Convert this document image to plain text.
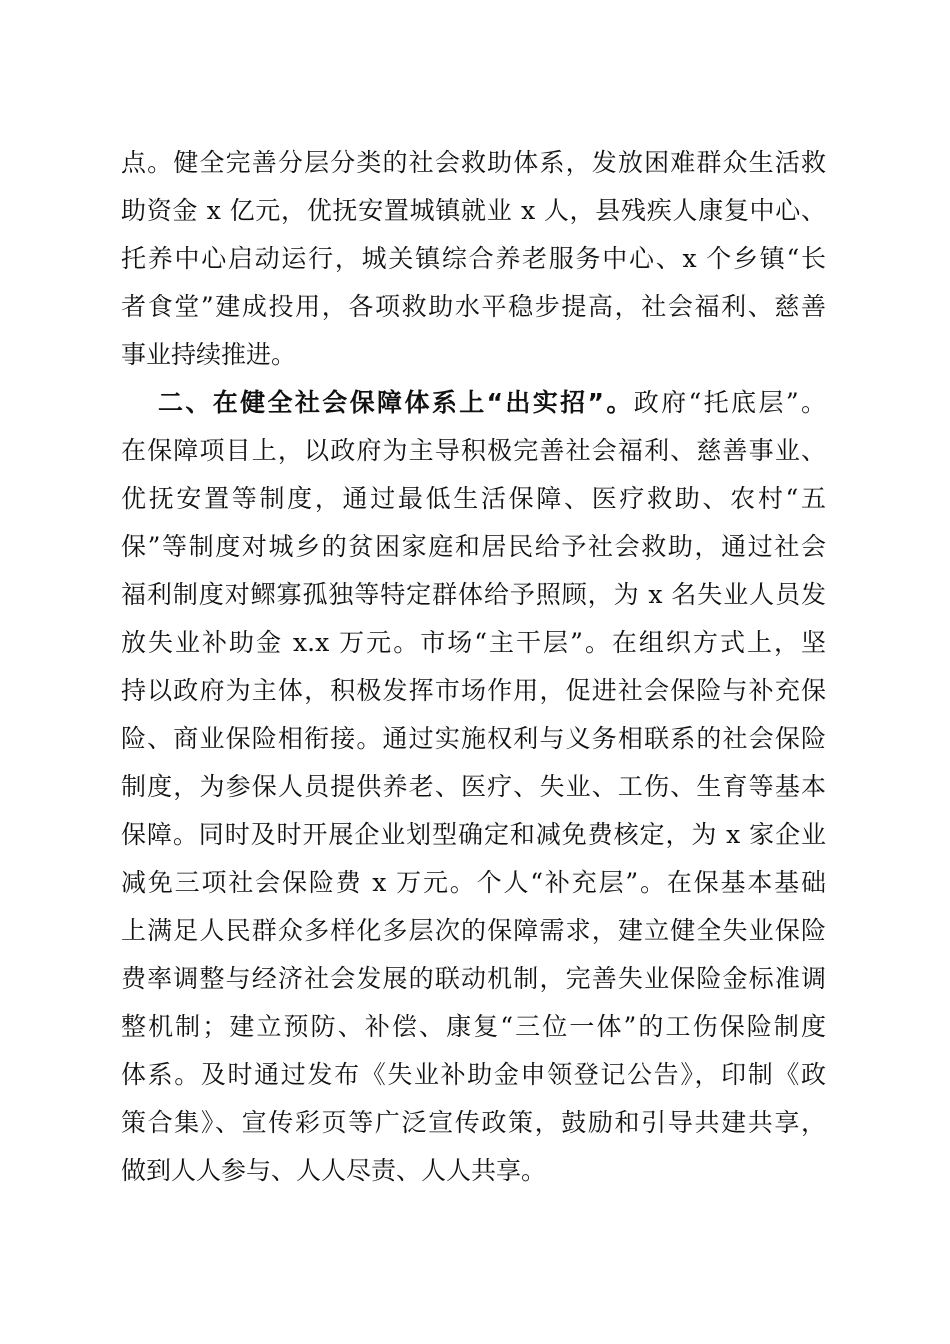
点。健全完善分层分类的社会救助体系，发放困难群众生活救
助资金 x 亿元，优抚安置城镇就业 x 人，县残疾人康复中心、
托养中心启动运行，城关镇综合养老服务中心、x 个乡镇“长
者食堂”建成投用，各项救助水平稳步提高，社会福利、慈善
事业持续推进。
二、在健全社会保障体系上“出实招”。政府“托底层”。
在保障项目上，以政府为主导积极完善社会福利、慈善事业、
优抚安置等制度，通过最低生活保障、医疗救助、农村“五
保”等制度对城乡的贫困家庭和居民给予社会救助，通过社会
福利制度对鳏寡孤独等特定群体给予照顾，为 x 名失业人员发
放失业补助金 x.x 万元。市场“主干层”。在组织方式上，坚
持以政府为主体，积极发挥市场作用，促进社会保险与补充保
险、商业保险相衔接。通过实施权利与义务相联系的社会保险
制度，为参保人员提供养老、医疗、失业、工伤、生育等基本
保障。同时及时开展企业划型确定和减免费核定，为 x 家企业
减免三项社会保险费 x 万元。个人“补充层”。在保基本基础
上满足人民群众多样化多层次的保障需求，建立健全失业保险
费率调整与经济社会发展的联动机制，完善失业保险金标准调
整机制；建立预防、补偿、康复“三位一体”的工伤保险制度
体系。及时通过发布《失业补助金申领登记公告》，印制《政
策合集》、宣传彩页等广泛宣传政策，鼓励和引导共建共享，
做到人人参与、人人尽责、人人共享。
